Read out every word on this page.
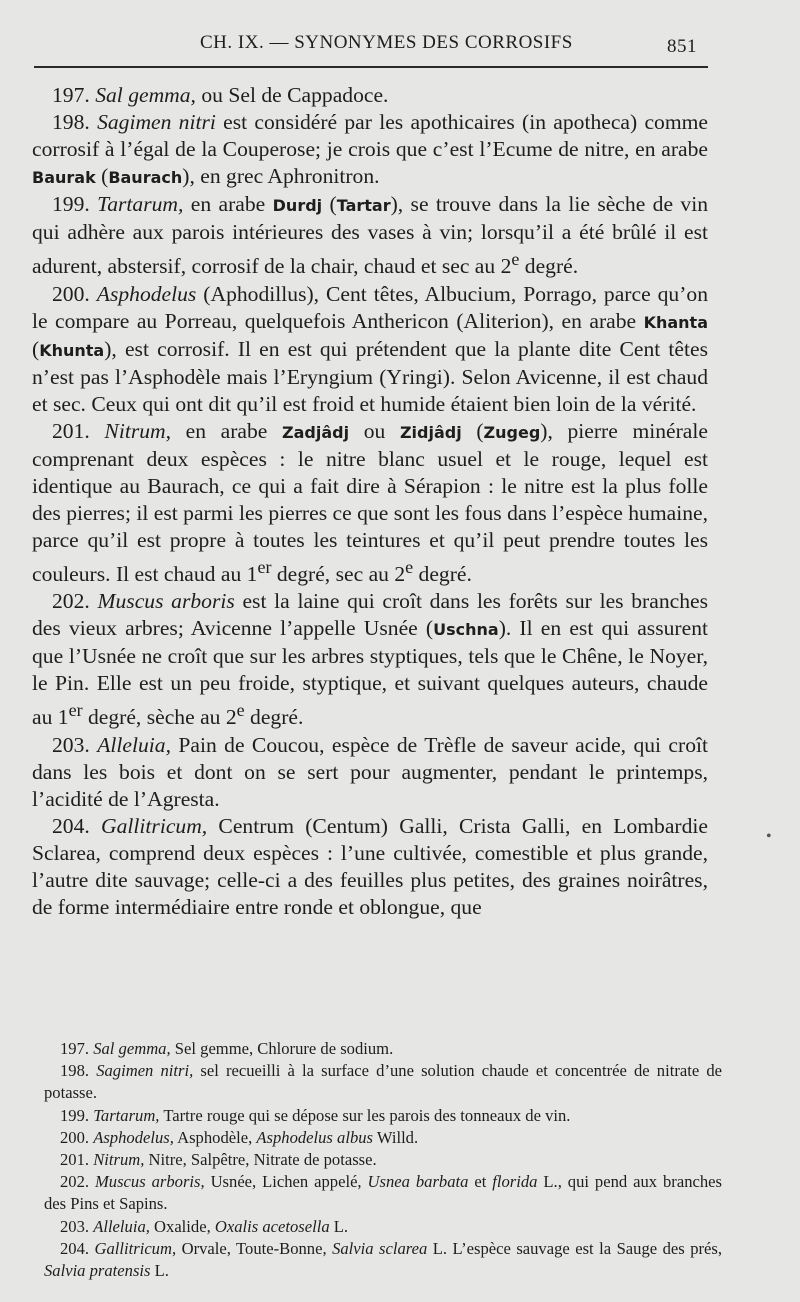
CH. IX. — SYNONYMES DES CORROSIFS	851

197. Sal gemma, ou Sel de Cappadoce.

198. Sagimen nitri est considéré par les apothicaires (in apotheca) comme corrosif à l’égal de la Couperose; je crois que c’est l’Ecume de nitre, en arabe Baurak (Baurach), en grec Aphronitron.

199. Tartarum, en arabe Durdj (Tartar), se trouve dans la lie sèche de vin qui adhère aux parois intérieures des vases à vin; lorsqu’il a été brûlé il est adurent, abstersif, corrosif de la chair, chaud et sec au 2e degré.

200. Asphodelus (Aphodillus), Cent têtes, Albucium, Porrago, parce qu’on le compare au Porreau, quelquefois Anthericon (Aliterion), en arabe Khanta (Khunta), est corrosif. Il en est qui prétendent que la plante dite Cent têtes n’est pas l’Asphodèle mais l’Eryngium (Yringi). Selon Avicenne, il est chaud et sec. Ceux qui ont dit qu’il est froid et humide étaient bien loin de la vérité.

201. Nitrum, en arabe Zadjâdj ou Zidjâdj (Zugeg), pierre minérale comprenant deux espèces : le nitre blanc usuel et le rouge, lequel est identique au Baurach, ce qui a fait dire à Sérapion : le nitre est la plus folle des pierres; il est parmi les pierres ce que sont les fous dans l’espèce humaine, parce qu’il est propre à toutes les teintures et qu’il peut prendre toutes les couleurs. Il est chaud au 1er degré, sec au 2e degré.

202. Muscus arboris est la laine qui croît dans les forêts sur les branches des vieux arbres; Avicenne l’appelle Usnée (Uschna). Il en est qui assurent que l’Usnée ne croît que sur les arbres styptiques, tels que le Chêne, le Noyer, le Pin. Elle est un peu froide, styptique, et suivant quelques auteurs, chaude au 1er degré, sèche au 2e degré.

203. Alleluia, Pain de Coucou, espèce de Trèfle de saveur acide, qui croît dans les bois et dont on se sert pour augmenter, pendant le printemps, l’acidité de l’Agresta.

204. Gallitricum, Centrum (Centum) Galli, Crista Galli, en Lombardie Sclarea, comprend deux espèces : l’une cultivée, comestible et plus grande, l’autre dite sauvage; celle-ci a des feuilles plus petites, des graines noirâtres, de forme intermédiaire entre ronde et oblongue, que

•

197. Sal gemma, Sel gemme, Chlorure de sodium.

198. Sagimen nitri, sel recueilli à la surface d’une solution chaude et concentrée de nitrate de potasse.

199. Tartarum, Tartre rouge qui se dépose sur les parois des tonneaux de vin.

200. Asphodelus, Asphodèle, Asphodelus albus Willd.

201. Nitrum, Nitre, Salpêtre, Nitrate de potasse.

202. Muscus arboris, Usnée, Lichen appelé, Usnea barbata et florida L., qui pend aux branches des Pins et Sapins.

203. Alleluia, Oxalide, Oxalis acetosella L.

204. Gallitricum, Orvale, Toute-Bonne, Salvia sclarea L. L’espèce sauvage est la Sauge des prés, Salvia pratensis L.
